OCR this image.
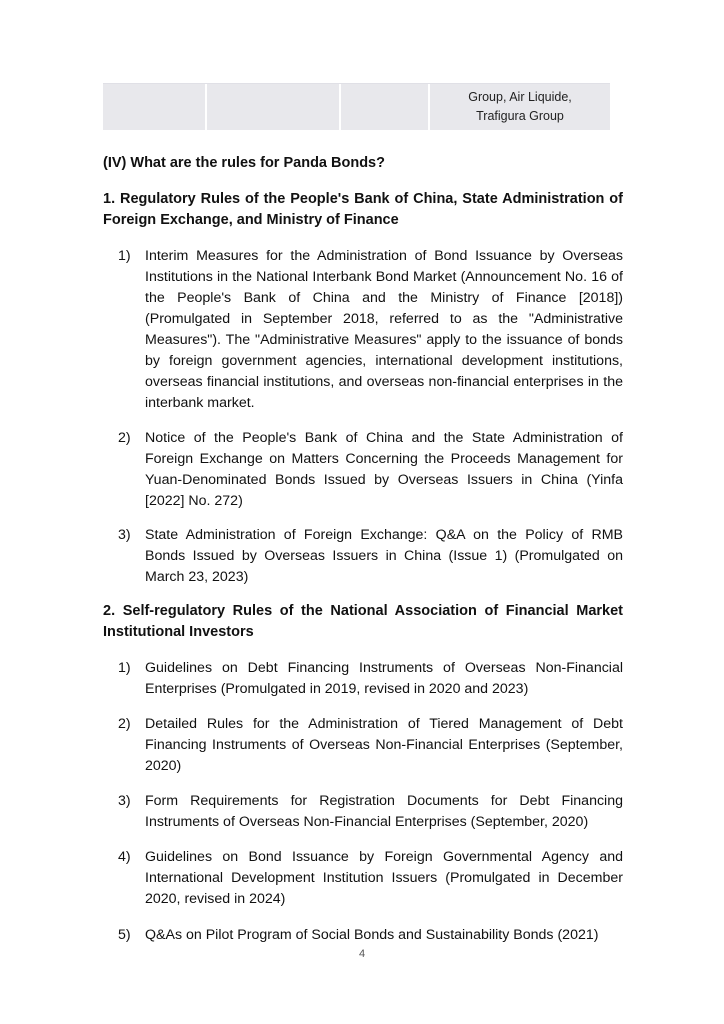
Group, Air Liquide,
Trafigura Group
(IV) What are the rules for Panda Bonds?
1. Regulatory Rules of the People's Bank of China, State Administration of Foreign Exchange, and Ministry of Finance
1)	Interim Measures for the Administration of Bond Issuance by Overseas Institutions in the National Interbank Bond Market (Announcement No. 16 of the People's Bank of China and the Ministry of Finance [2018]) (Promulgated in September 2018, referred to as the "Administrative Measures"). The "Administrative Measures" apply to the issuance of bonds by foreign government agencies, international development institutions, overseas financial institutions, and overseas non-financial enterprises in the interbank market.
2)	Notice of the People's Bank of China and the State Administration of Foreign Exchange on Matters Concerning the Proceeds Management for Yuan-Denominated Bonds Issued by Overseas Issuers in China (Yinfa [2022] No. 272)
3)	State Administration of Foreign Exchange: Q&A on the Policy of RMB Bonds Issued by Overseas Issuers in China (Issue 1) (Promulgated on March 23, 2023)
2. Self-regulatory Rules of the National Association of Financial Market Institutional Investors
1)	Guidelines on Debt Financing Instruments of Overseas Non-Financial Enterprises (Promulgated in 2019, revised in 2020 and 2023)
2)	Detailed Rules for the Administration of Tiered Management of Debt Financing Instruments of Overseas Non-Financial Enterprises (September, 2020)
3)	Form Requirements for Registration Documents for Debt Financing Instruments of Overseas Non-Financial Enterprises (September, 2020)
4)	Guidelines on Bond Issuance by Foreign Governmental Agency and International Development Institution Issuers (Promulgated in December 2020, revised in 2024)
5)	Q&As on Pilot Program of Social Bonds and Sustainability Bonds (2021)
4
